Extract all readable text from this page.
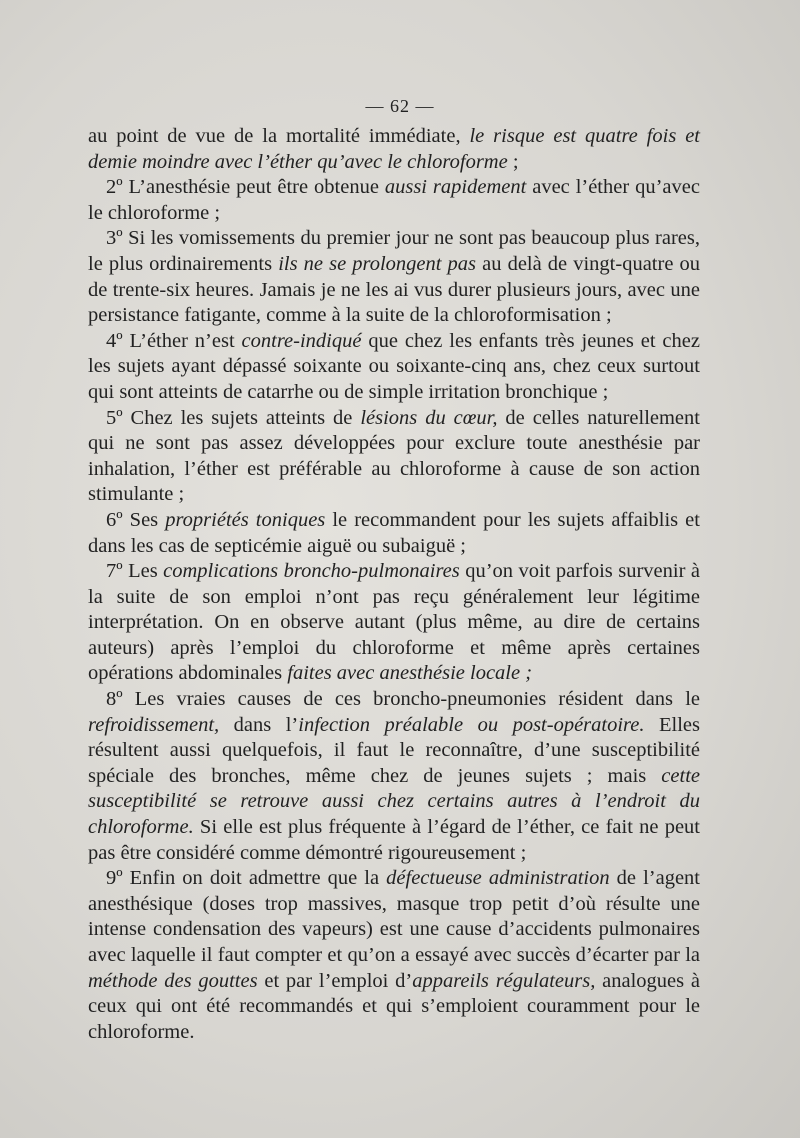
— 62 —

au point de vue de la mortalité immédiate, le risque est quatre fois et demie moindre avec l’éther qu’avec le chloroforme ;

2º L’anesthésie peut être obtenue aussi rapidement avec l’éther qu’avec le chloroforme ;

3º Si les vomissements du premier jour ne sont pas beaucoup plus rares, le plus ordinairements ils ne se prolongent pas au delà de vingt-quatre ou de trente-six heures. Jamais je ne les ai vus durer plusieurs jours, avec une persistance fatigante, comme à la suite de la chloroformisation ;

4º L’éther n’est contre-indiqué que chez les enfants très jeunes et chez les sujets ayant dépassé soixante ou soixante-cinq ans, chez ceux surtout qui sont atteints de catarrhe ou de simple irritation bronchique ;

5º Chez les sujets atteints de lésions du cœur, de celles naturellement qui ne sont pas assez développées pour exclure toute anesthésie par inhalation, l’éther est préférable au chloroforme à cause de son action stimulante ;

6º Ses propriétés toniques le recommandent pour les sujets affaiblis et dans les cas de septicémie aiguë ou subaiguë ;

7º Les complications broncho-pulmonaires qu’on voit parfois survenir à la suite de son emploi n’ont pas reçu généralement leur légitime interprétation. On en observe autant (plus même, au dire de certains auteurs) après l’emploi du chloroforme et même après certaines opérations abdominales faites avec anesthésie locale ;

8º Les vraies causes de ces broncho-pneumonies résident dans le refroidissement, dans l’infection préalable ou post-opératoire. Elles résultent aussi quelquefois, il faut le reconnaître, d’une susceptibilité spéciale des bronches, même chez de jeunes sujets ; mais cette susceptibilité se retrouve aussi chez certains autres à l’endroit du chloroforme. Si elle est plus fréquente à l’égard de l’éther, ce fait ne peut pas être considéré comme démontré rigoureusement ;

9º Enfin on doit admettre que la défectueuse administration de l’agent anesthésique (doses trop massives, masque trop petit d’où résulte une intense condensation des vapeurs) est une cause d’accidents pulmonaires avec laquelle il faut compter et qu’on a essayé avec succès d’écarter par la méthode des gouttes et par l’emploi d’appareils régulateurs, analogues à ceux qui ont été recommandés et qui s’emploient couramment pour le chloroforme.
